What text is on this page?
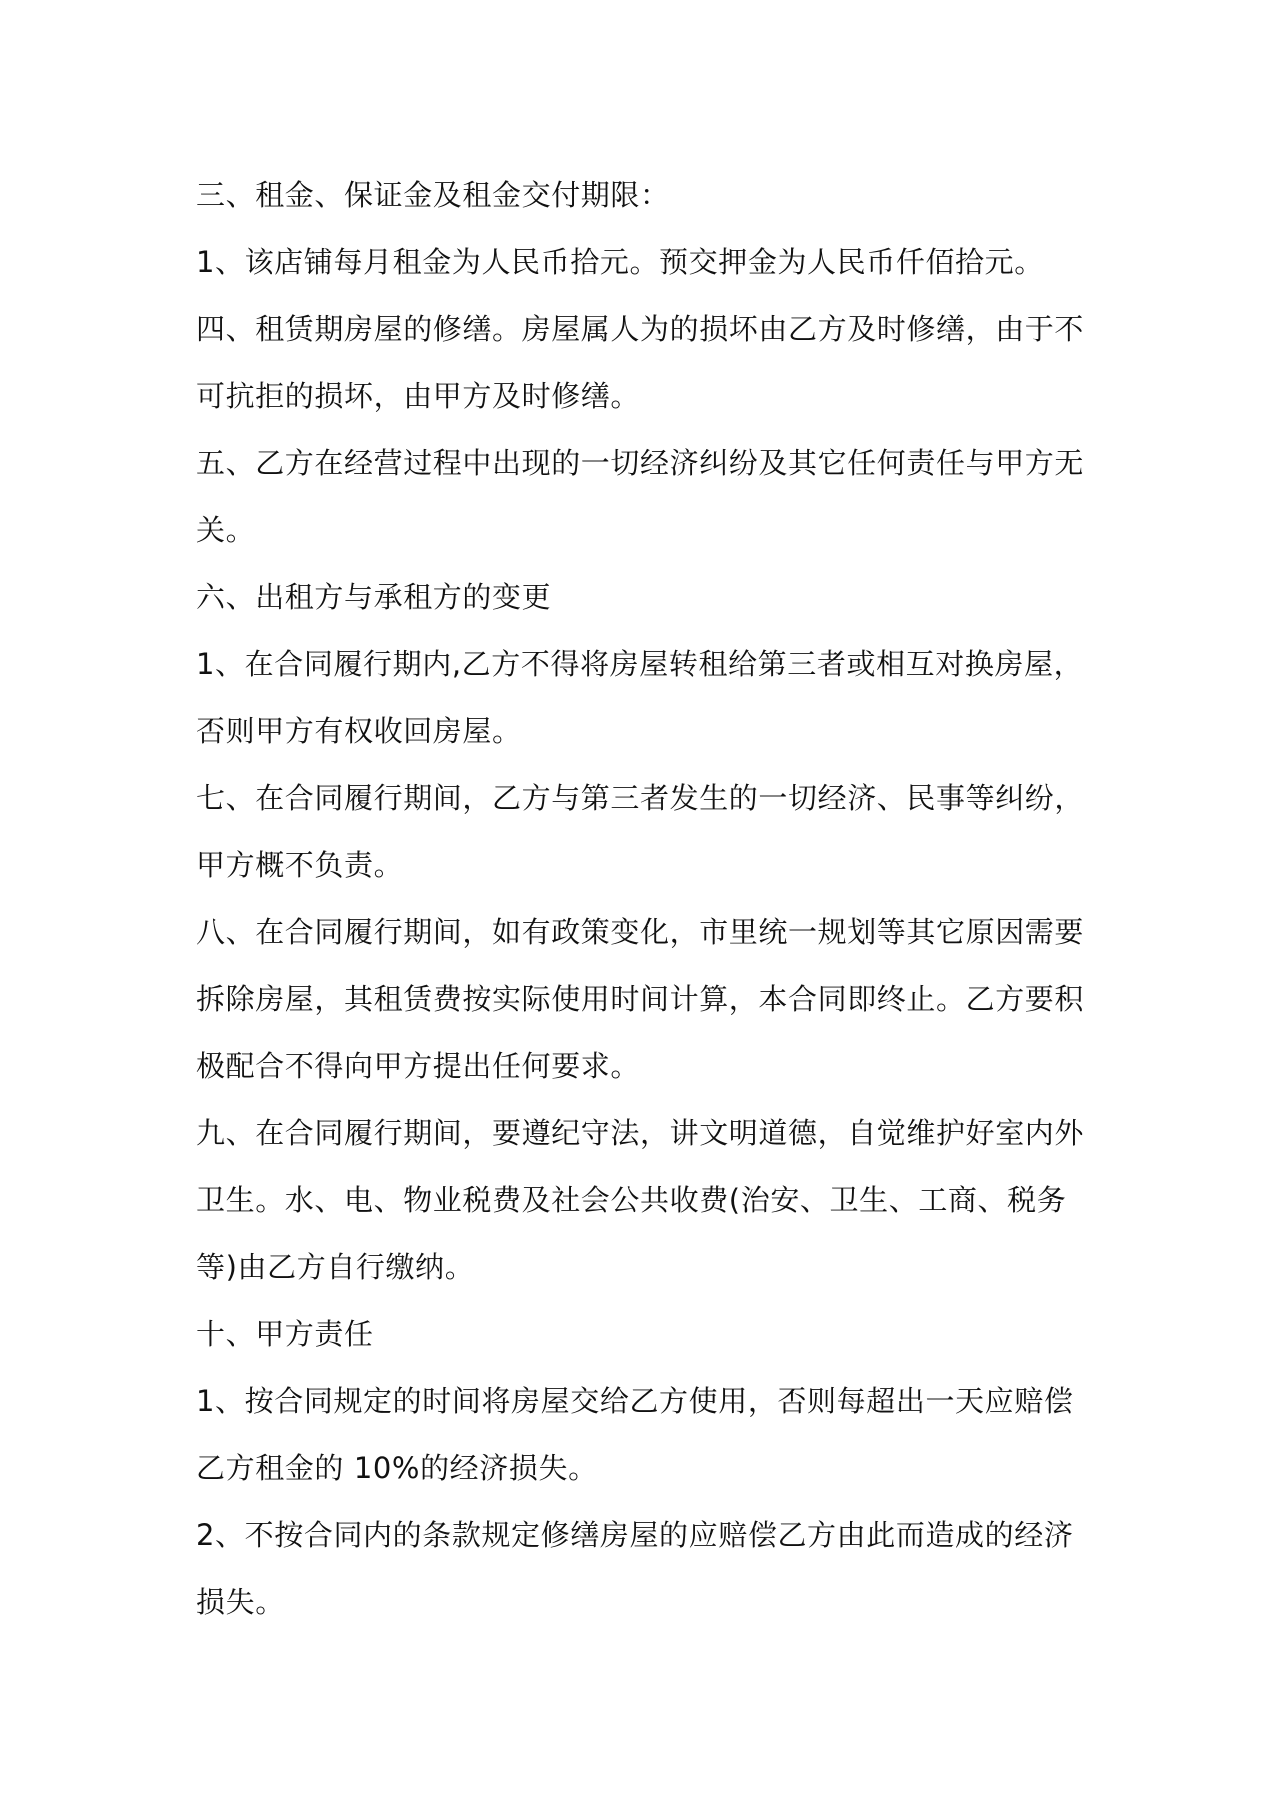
三、租金、保证金及租金交付期限：

1、该店铺每月租金为人民币拾元。预交押金为人民币仟佰拾元。

四、租赁期房屋的修缮。房屋属人为的损坏由乙方及时修缮，由于不

可抗拒的损坏，由甲方及时修缮。

五、乙方在经营过程中出现的一切经济纠纷及其它任何责任与甲方无

关。

六、出租方与承租方的变更

1、在合同履行期内,乙方不得将房屋转租给第三者或相互对换房屋，

否则甲方有权收回房屋。

七、在合同履行期间，乙方与第三者发生的一切经济、民事等纠纷，

甲方概不负责。

八、在合同履行期间，如有政策变化，市里统一规划等其它原因需要

拆除房屋，其租赁费按实际使用时间计算，本合同即终止。乙方要积

极配合不得向甲方提出任何要求。

九、在合同履行期间，要遵纪守法，讲文明道德，自觉维护好室内外

卫生。水、电、物业税费及社会公共收费(治安、卫生、工商、税务

等)由乙方自行缴纳。

十、甲方责任

1、按合同规定的时间将房屋交给乙方使用，否则每超出一天应赔偿

乙方租金的 10%的经济损失。

2、不按合同内的条款规定修缮房屋的应赔偿乙方由此而造成的经济

损失。
